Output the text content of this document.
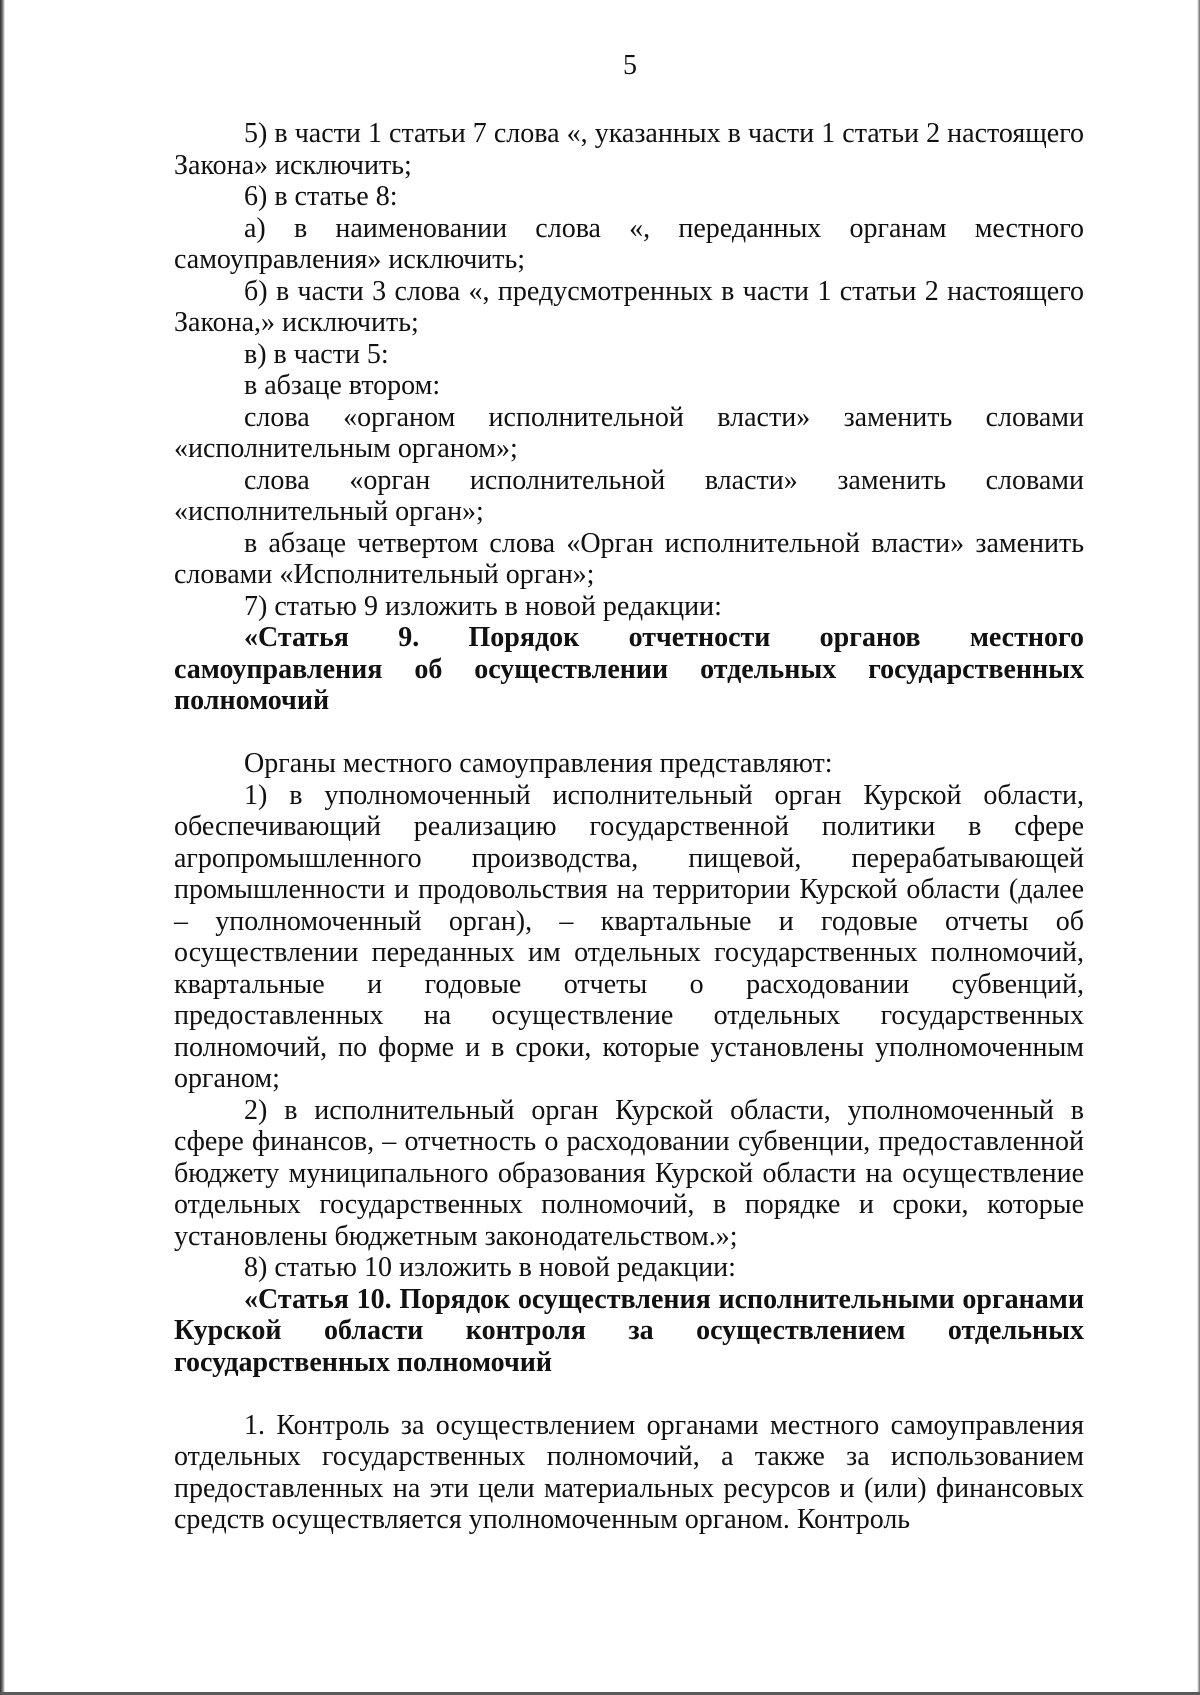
5

5) в части 1 статьи 7 слова «, указанных в части 1 статьи 2 настоящего Закона» исключить;

6) в статье 8:

а) в наименовании слова «, переданных органам местного самоуправления» исключить;

б) в части 3 слова «, предусмотренных в части 1 статьи 2 настоящего Закона,» исключить;

в) в части 5:

в абзаце втором:

слова «органом исполнительной власти» заменить словами «исполнительным органом»;

слова «орган исполнительной власти» заменить словами «исполнительный орган»;

в абзаце четвертом слова «Орган исполнительной власти» заменить словами «Исполнительный орган»;

7) статью 9 изложить в новой редакции:

«Статья 9. Порядок отчетности органов местного самоуправления об осуществлении отдельных государственных полномочий

Органы местного самоуправления представляют:

1) в уполномоченный исполнительный орган Курской области, обеспечивающий реализацию государственной политики в сфере агропромышленного производства, пищевой, перерабатывающей промышленности и продовольствия на территории Курской области (далее – уполномоченный орган), – квартальные и годовые отчеты об осуществлении переданных им отдельных государственных полномочий, квартальные и годовые отчеты о расходовании субвенций, предоставленных на осуществление отдельных государственных полномочий, по форме и в сроки, которые установлены уполномоченным органом;

2) в исполнительный орган Курской области, уполномоченный в сфере финансов, – отчетность о расходовании субвенции, предоставленной бюджету муниципального образования Курской области на осуществление отдельных государственных полномочий, в порядке и сроки, которые установлены бюджетным законодательством.»;

8) статью 10 изложить в новой редакции:

«Статья 10. Порядок осуществления исполнительными органами Курской области контроля за осуществлением отдельных государственных полномочий

1. Контроль за осуществлением органами местного самоуправления отдельных государственных полномочий, а также за использованием предоставленных на эти цели материальных ресурсов и (или) финансовых средств осуществляется уполномоченным органом. Контроль
